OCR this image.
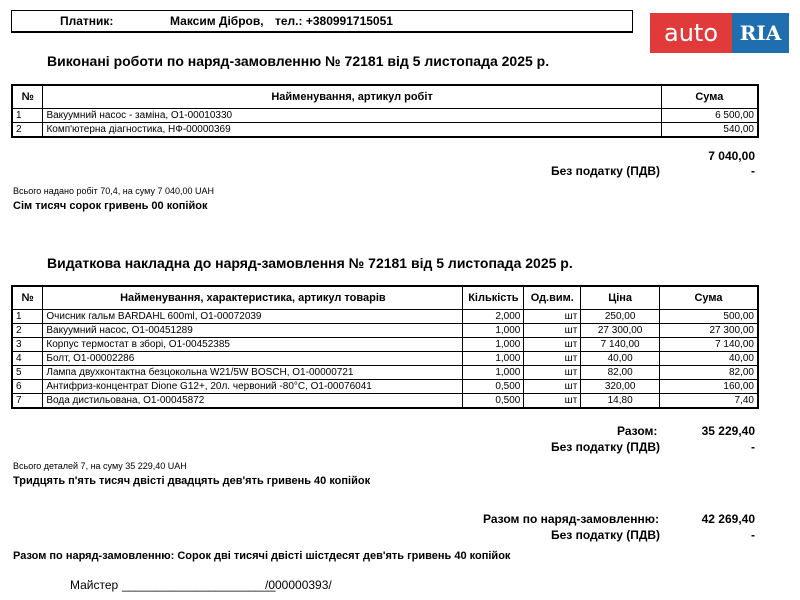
Платник:	Максим Дібров, тел.: +380991715051	auto	RIA
Виконані роботи по наряд-замовленню № 72181 від 5 листопада 2025 р.
№	Найменування, артикул робіт	Сума
1	Вакуумний насос - заміна, О1-00010330	6 500,00
2	Комп'ютерна діагностика, НФ-00000369	540,00
7 040,00
Без податку (ПДВ)	-
Всього надано робіт 70,4, на суму 7 040,00 UAH
Сім тисяч сорок гривень 00 копійок
Видаткова накладна до наряд-замовлення № 72181 від 5 листопада 2025 р.
№	Найменування, характеристика, артикул товарів	Кількість	Од.вим.	Ціна	Сума
1	Очисник гальм BARDAHL 600ml, О1-00072039	2,000	шт	250,00	500,00
2	Вакуумний насос, О1-00451289	1,000	шт	27 300,00	27 300,00
3	Корпус термостат в зборі, О1-00452385	1,000	шт	7 140,00	7 140,00
4	Болт, О1-00002286	1,000	шт	40,00	40,00
5	Лампа двухконтактна безцокольна W21/5W BOSCH, О1-00000721	1,000	шт	82,00	82,00
6	Антифриз-концентрат Dione G12+, 20л. червоний -80°С, О1-00076041	0,500	шт	320,00	160,00
7	Вода дистильована, О1-00045872	0,500	шт	14,80	7,40
Разом:	35 229,40
Без податку (ПДВ)	-
Всього деталей 7, на суму 35 229,40 UAH
Тридцять п'ять тисяч двісті двадцять дев'ять гривень 40 копійок
Разом по наряд-замовленню:	42 269,40
Без податку (ПДВ)	-
Разом по наряд-замовленню: Сорок дві тисячі двісті шістдесят дев'ять гривень 40 копійок
Майстер _______________________
/000000393/
